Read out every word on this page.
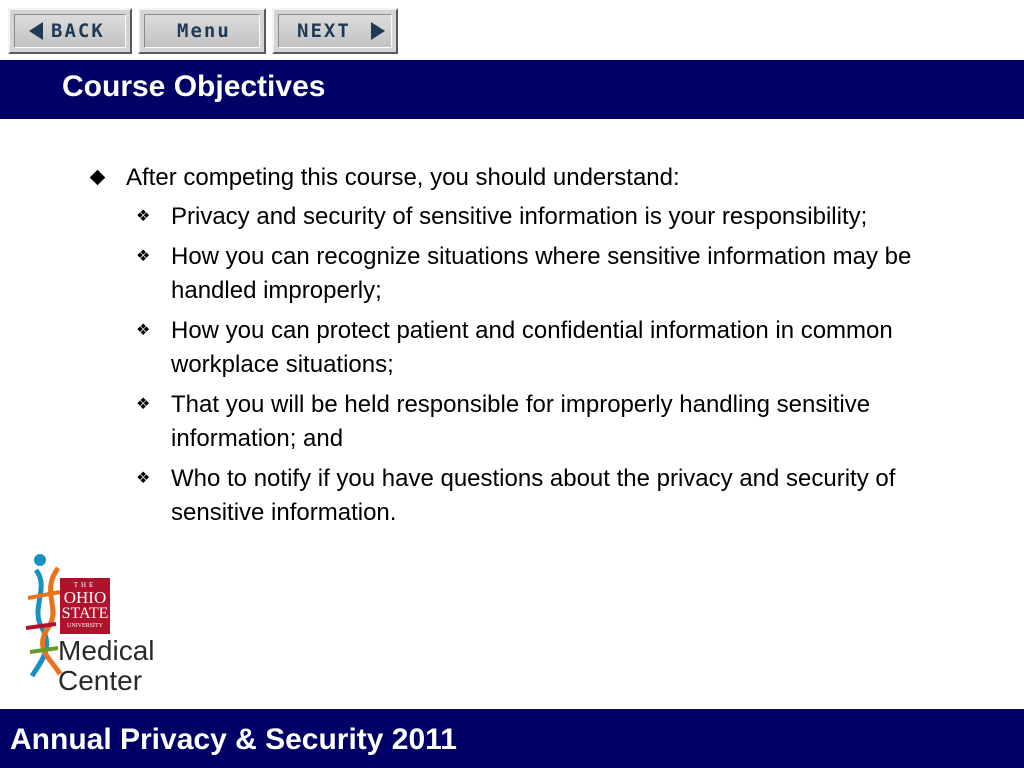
BACK	Menu	NEXT
Course Objectives
After competing this course, you should understand:
❖ Privacy and security of sensitive information is your responsibility;
❖ How you can recognize situations where sensitive information may be handled improperly;
❖ How you can protect patient and confidential information in common workplace situations;
❖ That you will be held responsible for improperly handling sensitive information; and
❖ Who to notify if you have questions about the privacy and security of sensitive information.
THE
OHIO
STATE
UNIVERSITY
Medical
Center
Annual Privacy & Security 2011
